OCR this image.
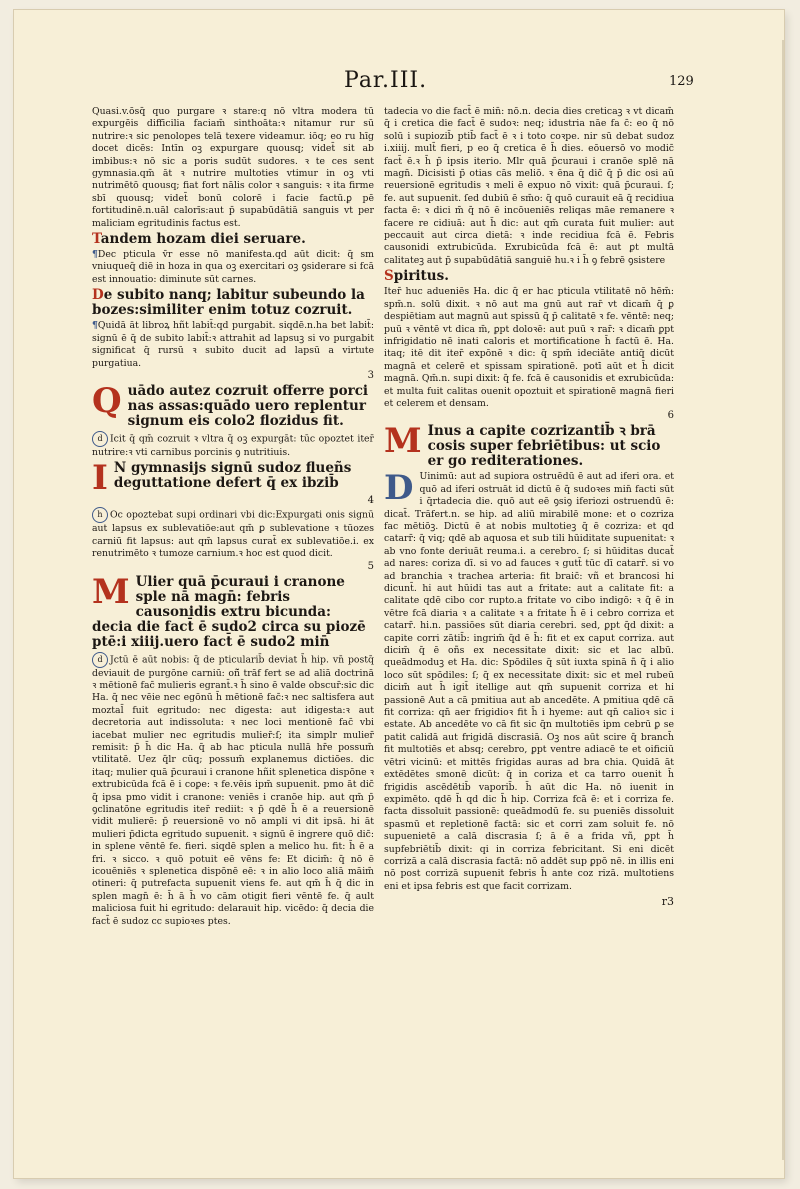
Par.III.	129

Quasi.v.ōsq̄ quo purgare ꝛ stare:q nō vltra modera tū expurgēis difficilia faciam̄ sinthoāta:ꝛ nitamur rur sū nutrire:ꝛ sic penolopes telā texere videamur. iōq; eo ru hīg docet dicēs: Intīn oꝫ expurgare quousq; videt̄ sit ab imbibus:ꝛ nō sic a poris sudūt sudores. ꝛ te ces sent gymnasia.qm̄ āt ꝛ nutrire multoties vtimur in oꝫ vti nutrimētō quousq; fiat fort nālis color ꝛ sanguis: ꝛ ita firme sbī quousq; videt̄ bonū colorē i facie factū.ꝑ pē fortitudinē.n.uāl calorīs:aut p̄ supabūdātiā sanguis vt per maliciam egritudinis factus est.

Tandem hozam diei seruare.

¶Dec pticula v̄r esse nō manifesta.qd aūt dicit: q̄ sm vniuqueq̄ diē in hoza in qua oꝫ exercitari oꝫ ꝯsiderare si fcā est innouatio: diminute sūt carnes.

De subito nanq; labitur subeundo la bozes:similiter enim totuz cozruit.

¶Quidā āt libroꝝ hñt labit̄:qd purgabit. siqdē.n.ha bet labit̄: signū ē q̄ de subito labit̄:ꝛ attrahit ad lapsuꝫ si vo purgabit significat q̄ rursū ꝛ subito ducit ad lapsū a virtute purgatiua.

3

Quādo autez cozruit offerre porci nas assas:quādo uero replentur signum eis colo2 flozidus fit.

d Icit q̄ qm̄ cozruit ꝛ vltra q̄ oꝫ expurgāt: tūc opoztet iter̄ nutrire:ꝛ vti carnibus porcinis ꝯ nutritiuis.

I N gymnasijs signū sudoz flueñs deguttatione defert q̄ ex ibzib̄

4

h Oc opoztebat supi ordinari vbi dic:Expurgati onis signū aut lapsus ex sublevatiōe:aut qm̄ ꝑ sublevatione ꝛ tūozes carniū fit lapsus: aut qm̄ lapsus curat̄ ex sublevatiōe.i. ex renutrimēto ꝛ tumoze carnium.ꝛ hoc est quod dicit.

5

M Ulier quā p̄curaui i cranone sple nā magn̄: febris causonidis extru bicunda: decia die fact̄ ē sudo2 circa su piozē ptē:i xiiij.uero fact̄ ē sudo2 min̄

d Jctū ē aūt nobis: q̄ de pticularib̄ deviat h̄ hip. vn̄ postq̄ deviauit de purgōne carniū: oñ̄ trāf fert se ad aliā doctrinā ꝛ mētionē fac̄ mulieris egrant̄.ꝛ h̄ sino ē valde obscur̄:sic dic Ha. q̄ nec vēie nec egōnū h̄ mētionē fac̄:ꝛ nec saltisfera aut moztal̄ fuit egritudo: nec digesta: aut idigesta:ꝛ aut decretoria aut indissoluta: ꝛ nec loci mentionē fac̄ vbi iacebat mulier nec egritudis mulier̄:ſ; ita simplr mulier̄ remisit: p̄ h̄ dic Ha. q̄ ab hac pticula nullā hr̄e possum̄ vtilitatē. Uez q̄lr cūq; possum̄ explanemus dictiōes. dic itaq; mulier quā p̄curaui i cranone hñit splenetica dispōne ꝛ extrubicūda fcā ē i coꝑe: ꝛ fe.vēis ipm̄ supuenit. pmo āt dic̄ q̄ ipsa pmo vidit i cranone: veniēs i cranōe hip. aut qm̄ p̄ ꝯclinatōne egritudis iter̄ rediit: ꝛ p̄ qdē h̄ ē a reuersionē vidit mulierē: p̄ reuersionē vo nō ampli̇ vi dit ipsā. hi̇ āt mulieri p̄dicta egritudo supuenit. ꝛ signū ē ingrere quō dic̄: in splene vēntē fe. fieri. siqdē splen a melico hu. fit: h̄ ē a fri. ꝛ sicco. ꝛ quō potuit eē vēns fe: Et dicim̄: q̄ nō ē icouēniēs ꝛ splenetica dispōnē eē: ꝛ in alio loco aliā māim̄ otineri: q̄ putrefacta supuenit viens fe. aut qm̄ h̄ q̄ dic in splen magn̄ ē: h̄ ā h̄ vo cām otigit fieri vēntē fe. q̄ ault maliciosa fuit hi̇ egritudo: delarauit hip. vicēdo: q̄ decia die fact̄ ē sudoz cc supioꝛes ptes.

tadecia vo die fact̄ ē min̄: nō.n. decia dies creticaꝫ ꝛ vt dicam̄ q̄ i cretica die fact̄ ē sudoꝛ: neq; idustria nāe fa c̄: eo q̄ nō solū i supiozib̄ ptib̄ fact̄ ē ꝛ i toto coꝛpe. nir sū debat sudoz i.xiiij. mult̄ fieri, p eo q̄ cretica ē h̄ dies. eōuersō vo modic̄ fact̄ ē.ꝛ h̄ p̄ ipsis iterio. Mlr quā p̄curaui i cranōe splē nā magn̄. Dicisisti p̄ otias cās meliō. ꝛ ēna q̄ dic̄ q̄ p̄ dic osi aū reuersionē egritudis ꝛ meli̇ ē expuo nō vixit: quā p̄curaui. ſ; fe. aut supuenit. ſed dubiū ē sm̄o: q̄ quō curauit eā q̄ recidiua facta ē: ꝛ dici m̄ q̄ nō ē incōueniēs reliqas māe remanere ꝛ facere re cidiuā: aut h̄ dic: aut qm̄ curata fuit mulier: aut peccauit aut circa dietā: ꝛ inde recidiua fcā ē. Febris causonidi extrubicūda. Exrubicūda fcā ē: aut ꝑt multā calitateꝫ aut p̄ supabūdātiā sanguiē hu.ꝛ i h̄ ꝯ febrē ꝯsistere

Spiritus.

Iter̄ huc adueniēs Ha. dic q̄ er hac pticula vtilitatē nō hēm̄: spm̄.n. solū dixit. ꝛ nō aut ma gnū aut rar̄ vt dicam̄ q̄ ꝑ despiētiam aut magnū aut spissū q̄ p̄ calitatē ꝛ fe. vēntē: neq; puū ꝛ vēntē vt dica m̄, ꝑpt doloꝛē: aut puū ꝛ rar̄: ꝛ dicam̄ ꝑpt infrigidatio nē inati caloris et mortificatione h̄ factū ē. Ha. itaq; itē dit iter̄ expōnē ꝛ dic: q̄ spm̄ ideciāte antiq̄ dicūt magnā et celerē et spissam spirationē. potī̇ aūt et h̄ dicit magnā. Qm̄.n. supi dixit: q̄ fe. fcā ē causonidis et exrubicūda: et multa fuit calitas ouenit opoztuit et spirationē magnā fieri et celerem et densam.

6

M Inus a capite cozrizantib̄ ꝛ brā cosis super febriētibus: ut scio er go rediterationes.

D Uinimū: aut ad supiora ostruēdū ē aut ad iferi ora. et quō ad iferi̇ ostruāt id dictū ē q̄ sudoꝛes min̄ facti sūt i q̄rtadecia die. quō aut eē ꝯsiꝯ iferiozi ostruendū ē: dicat̄. Trāfert.n. se hip. ad aliū mirabilē mone: et o cozriza fac mētiōꝫ. Dictū ē at nobis multotieꝫ q̄ ē cozriza: et qd catarr̄: q̄ viq; qdē ab aquosa et sub tili hūiditate supuenitat: ꝛ ab vno fonte deriuāt reuma.i. a cerebro. ſ; si hūiditas ducat̄ ad nares: coriza dī. si vo ad fauces ꝛ gutt̄ tūc dī catarr̄. si vo ad branchia ꝛ trachea arteria: fit braic̄: vñ et brancosi hi̇ dicunt̄. hi̇ aut hūidi tas aut a fritate: aut a calitate fit: a calitate qdē cibo cor rupto.a fritate vo cibo indigō: ꝛ q̄ ē in vētre fcā diaria ꝛ a calitate ꝛ a fritate h̄ ē i cebro corriza et catarr̄. hi̇.n. passiōes sūt diaria cerebri. sed, ꝑpt q̄d dixit: a capite corri zātib̄: ingrim̄ q̄d ē h̄: fit et ex caput corriza. aut dicim̄ q̄ ē oñs ex necessitate dixit: sic et lac albū. queādmoduꝫ et Ha. dic: Spōdiles q̄ sūt iuxta spinā ñ q̄ i alio loco sūt spōdiles: ſ; q̄ ex necessitate dixit: sic et mel rubeū dicim̄ aut h̄ igit̄ itellige aut qm̄ supuenit corriza et hi̇ passionē Aut a cā pmitiua aut ab ancedēte. A pmitiua qdē cā fit corriza: qn̄ aer frigidioꝛ fit h̄ i hyeme: aut qn̄ calioꝛ sic i estate. Ab ancedēte vo cā fit sic q̄n multotiēs ipm cebrū ꝑ se patit calidā aut frigidā discrasiā. Oꝫ nos aūt scire q̄ branch̄ fit multotiēs et absq; cerebro, ꝑpt ventre adiacē te et oificiū vētri vicinū: et mittēs frigidas auras ad bra chia. Quidā āt extēdētes smonē dicūt: q̄ in coriza et ca tarro ouenit h̄ frigidis ascēdētib̄ vaporib̄. h̄ aūt dic Ha. nō iuenit in expimēto. qdē h̄ qd dic h̄ hip. Corriza fcā ē: et i corriza fe. facta dissoluit passionē: queādmodū fe. su pueniēs dissoluit spasmū et repletionē factā: sic et corri zam soluit fe. nō supuenietē a calā discrasia ſ; ā ē a frida vñ, ꝑpt h̄ supfebriētib̄ dixit: qi in corriza febricitant. Si eni dicēt corrizā a calā discrasia factā: nō addēt sup ꝑpō nē. in illis eni nō post corrizā supuenit febris h̄ ante coz rizā. multotiens eni et ipsa febris est que facit corrizam.

r3
